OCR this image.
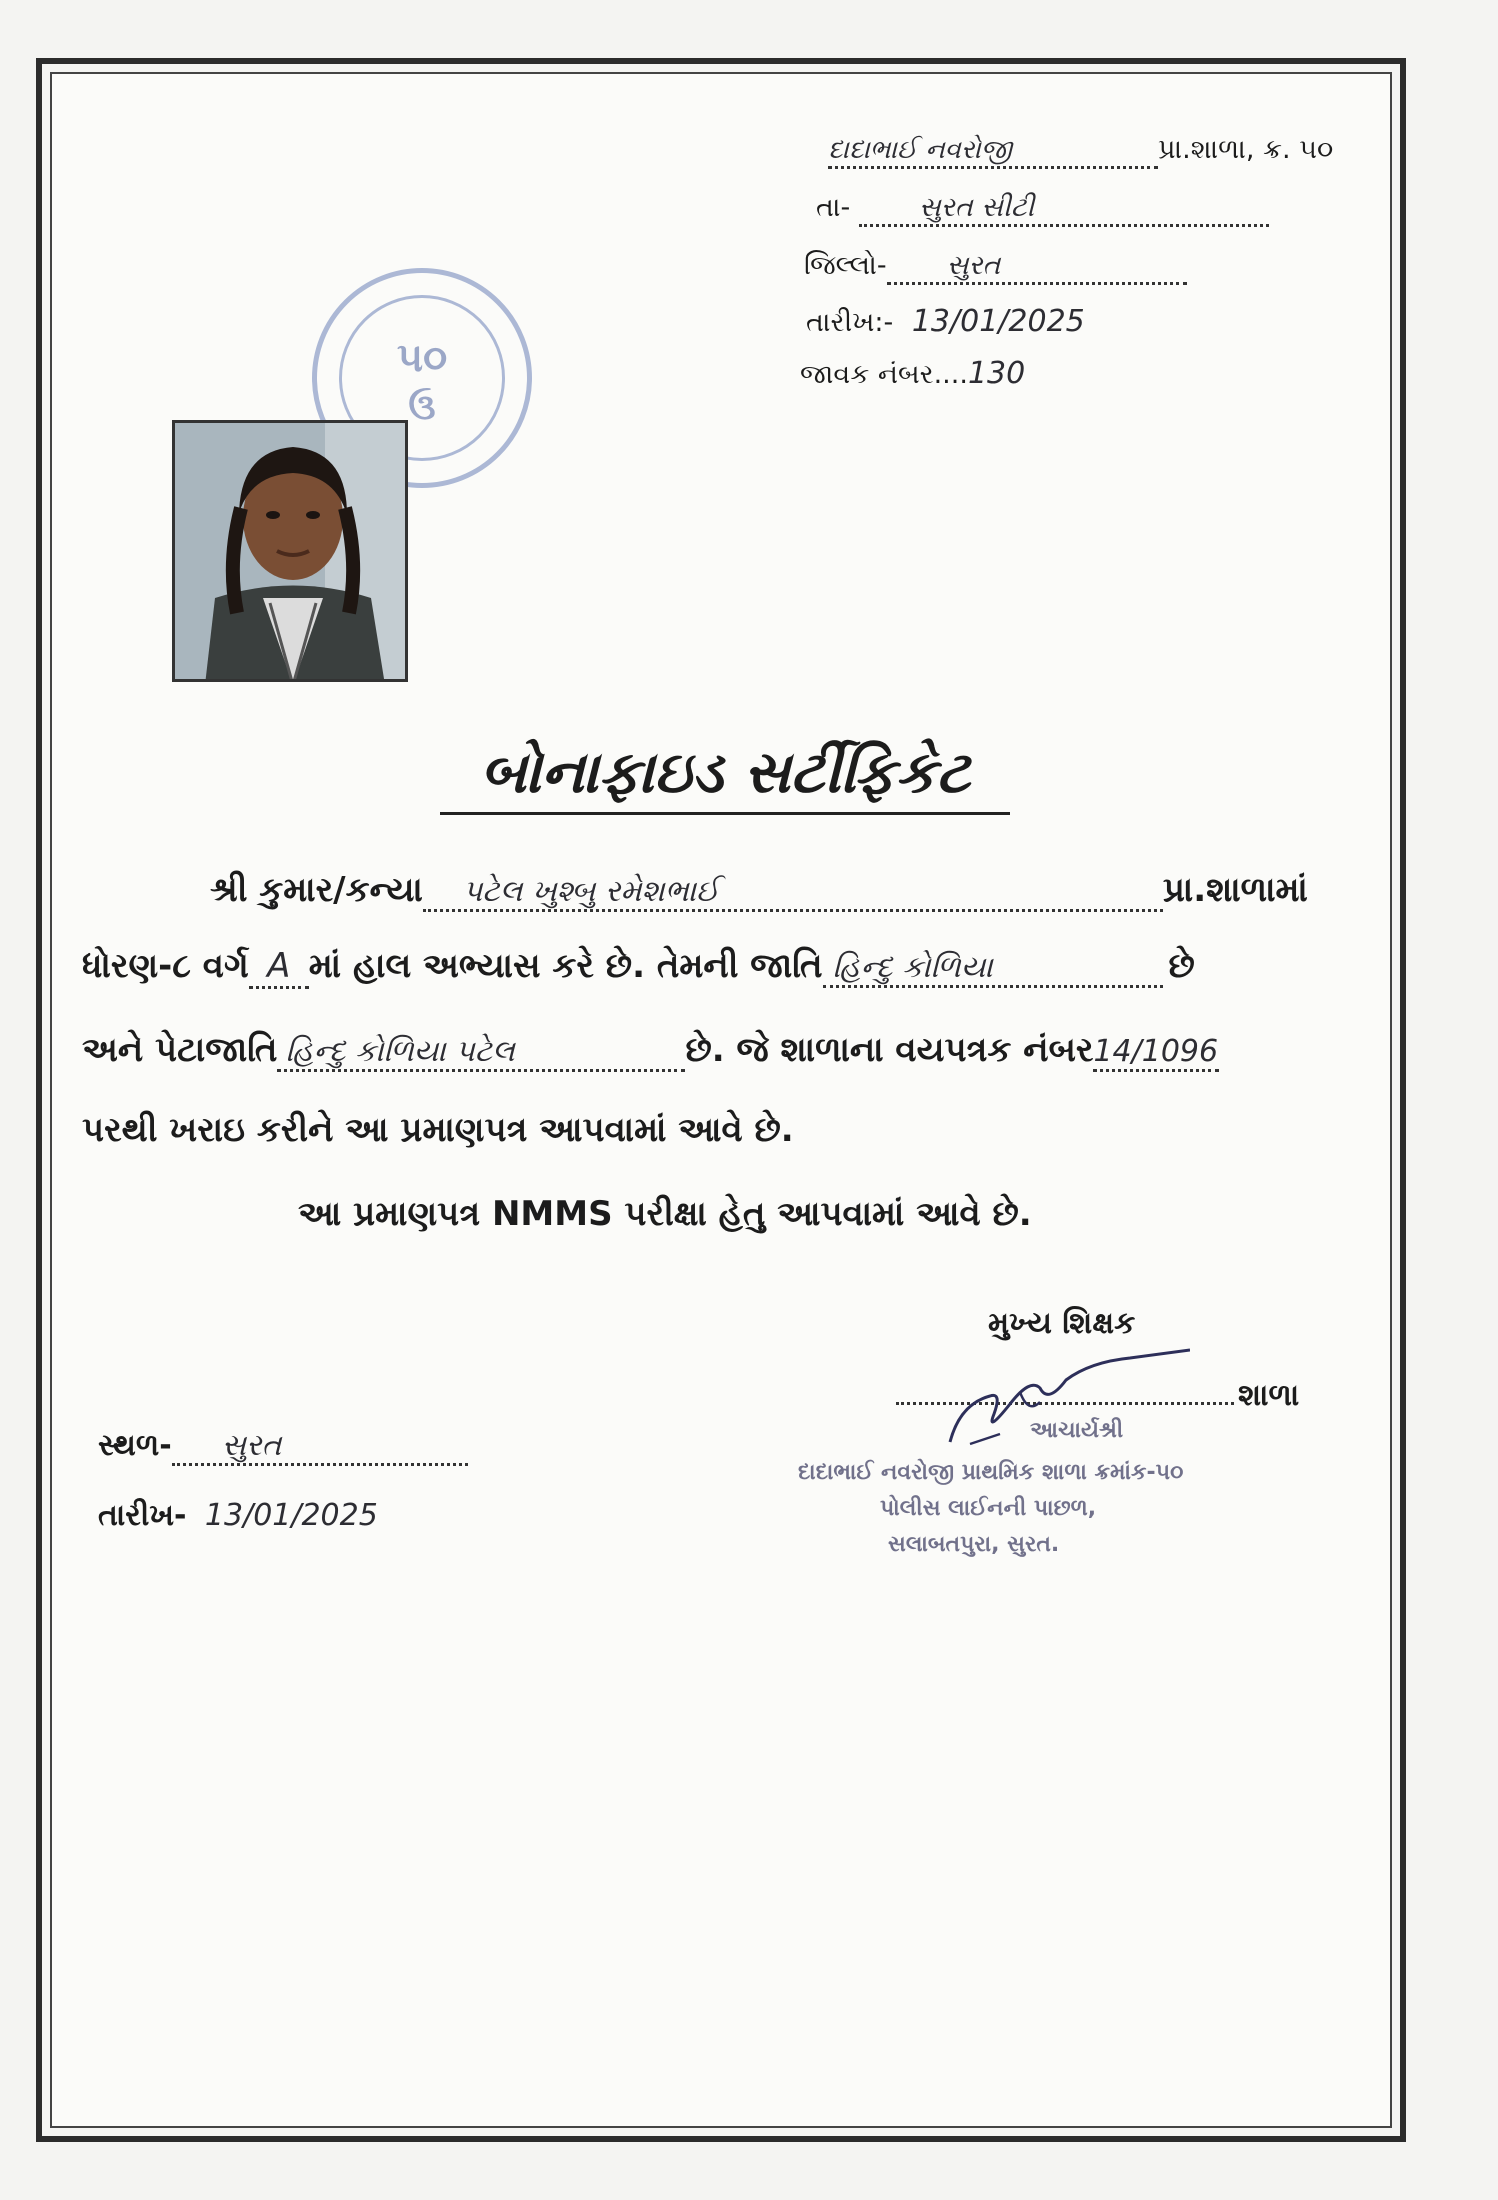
દાદાભાઈ નવરોજી	પ્રા.શાળા, ક્ર. ૫૦
તા-	સુરત સીટી
જિલ્લો- સુરત
તારીખ:- 13/01/2025
જાવક નંબર....130
૫૦
ઉ
બોનાફાઇડ સર્ટીફિકેટ
શ્રી કુમાર/કન્યા પટેલ ખુશ્બુ રમેશભાઈ	પ્રા.શાળામાં
ધોરણ-૮ વર્ગ A માં હાલ અભ્યાસ કરે છે. તેમની જાતિ હિન્દુ કોળિયા	છે
અને પેટાજાતિ હિન્દુ કોળિયા પટેલ	છે. જે શાળાના વયપત્રક નંબર14/1096
પરથી ખરાઇ કરીને આ પ્રમાણપત્ર આપવામાં આવે છે.
આ પ્રમાણપત્ર NMMS પરીક્ષા હેતુ આપવામાં આવે છે.
મુખ્ય શિક્ષક
શાળા
આચાર્યશ્રી
દાદાભાઈ નવરોજી પ્રાથમિક શાળા ક્રમાંક-૫૦
પોલીસ લાઈનની પાછળ,
સલાબતપુરા, સુરત.
સ્થળ- સુરત
તારીખ- 13/01/2025
